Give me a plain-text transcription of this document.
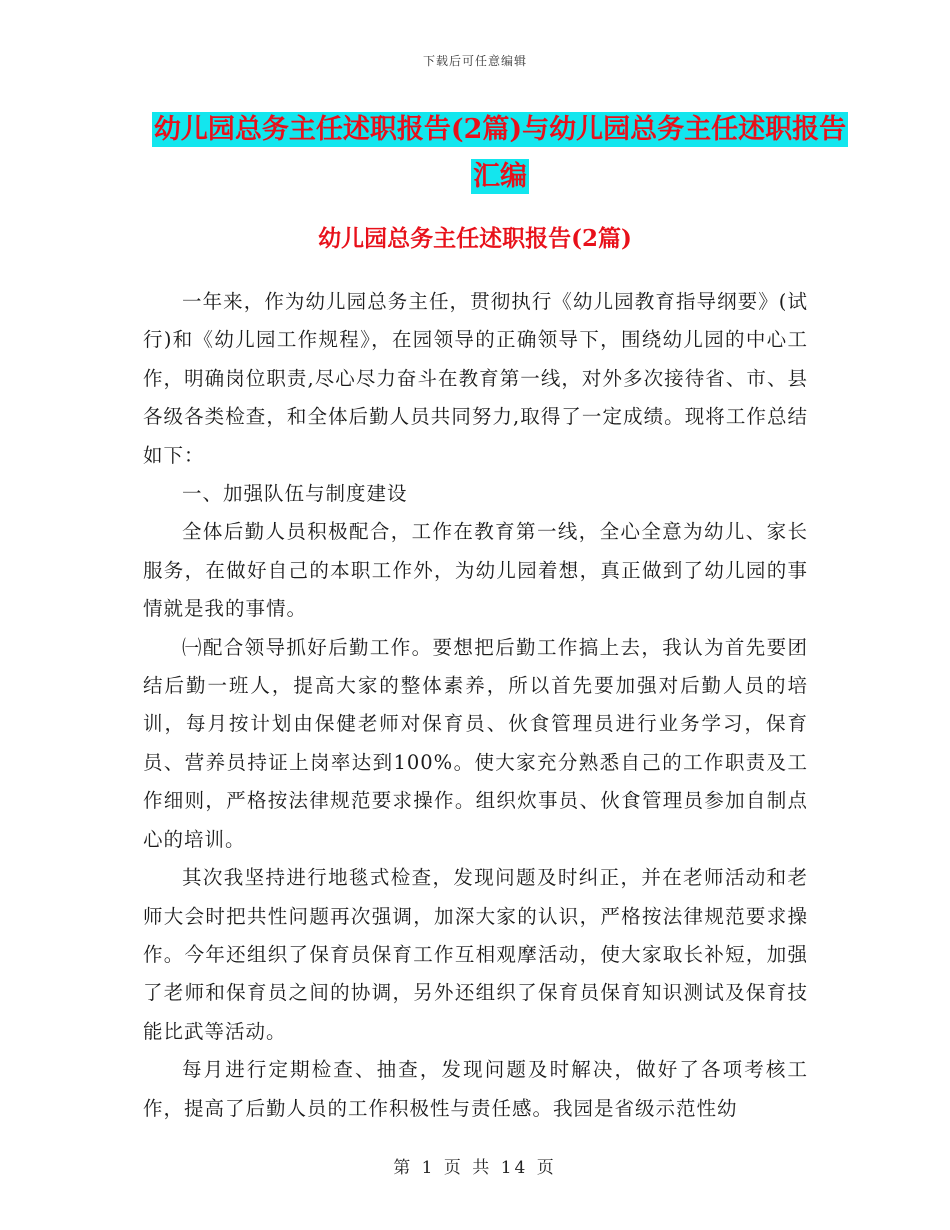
下载后可任意编辑
幼儿园总务主任述职报告(2篇)与幼儿园总务主任述职报告汇编
幼儿园总务主任述职报告(2篇)

一年来，作为幼儿园总务主任，贯彻执行《幼儿园教育指导纲要》(试行)和《幼儿园工作规程》，在园领导的正确领导下，围绕幼儿园的中心工作，明确岗位职责,尽心尽力奋斗在教育第一线，对外多次接待省、市、县各级各类检查，和全体后勤人员共同努力,取得了一定成绩。现将工作总结如下：

一、加强队伍与制度建设

全体后勤人员积极配合，工作在教育第一线，全心全意为幼儿、家长服务，在做好自己的本职工作外，为幼儿园着想，真正做到了幼儿园的事情就是我的事情。

㈠配合领导抓好后勤工作。要想把后勤工作搞上去，我认为首先要团结后勤一班人，提高大家的整体素养，所以首先要加强对后勤人员的培训，每月按计划由保健老师对保育员、伙食管理员进行业务学习，保育员、营养员持证上岗率达到100%。使大家充分熟悉自己的工作职责及工作细则，严格按法律规范要求操作。组织炊事员、伙食管理员参加自制点心的培训。

其次我坚持进行地毯式检查，发现问题及时纠正，并在老师活动和老师大会时把共性问题再次强调，加深大家的认识，严格按法律规范要求操作。今年还组织了保育员保育工作互相观摩活动，使大家取长补短，加强了老师和保育员之间的协调，另外还组织了保育员保育知识测试及保育技能比武等活动。

每月进行定期检查、抽查，发现问题及时解决，做好了各项考核工作，提高了后勤人员的工作积极性与责任感。我园是省级示范性幼

第 1 页 共 14 页
